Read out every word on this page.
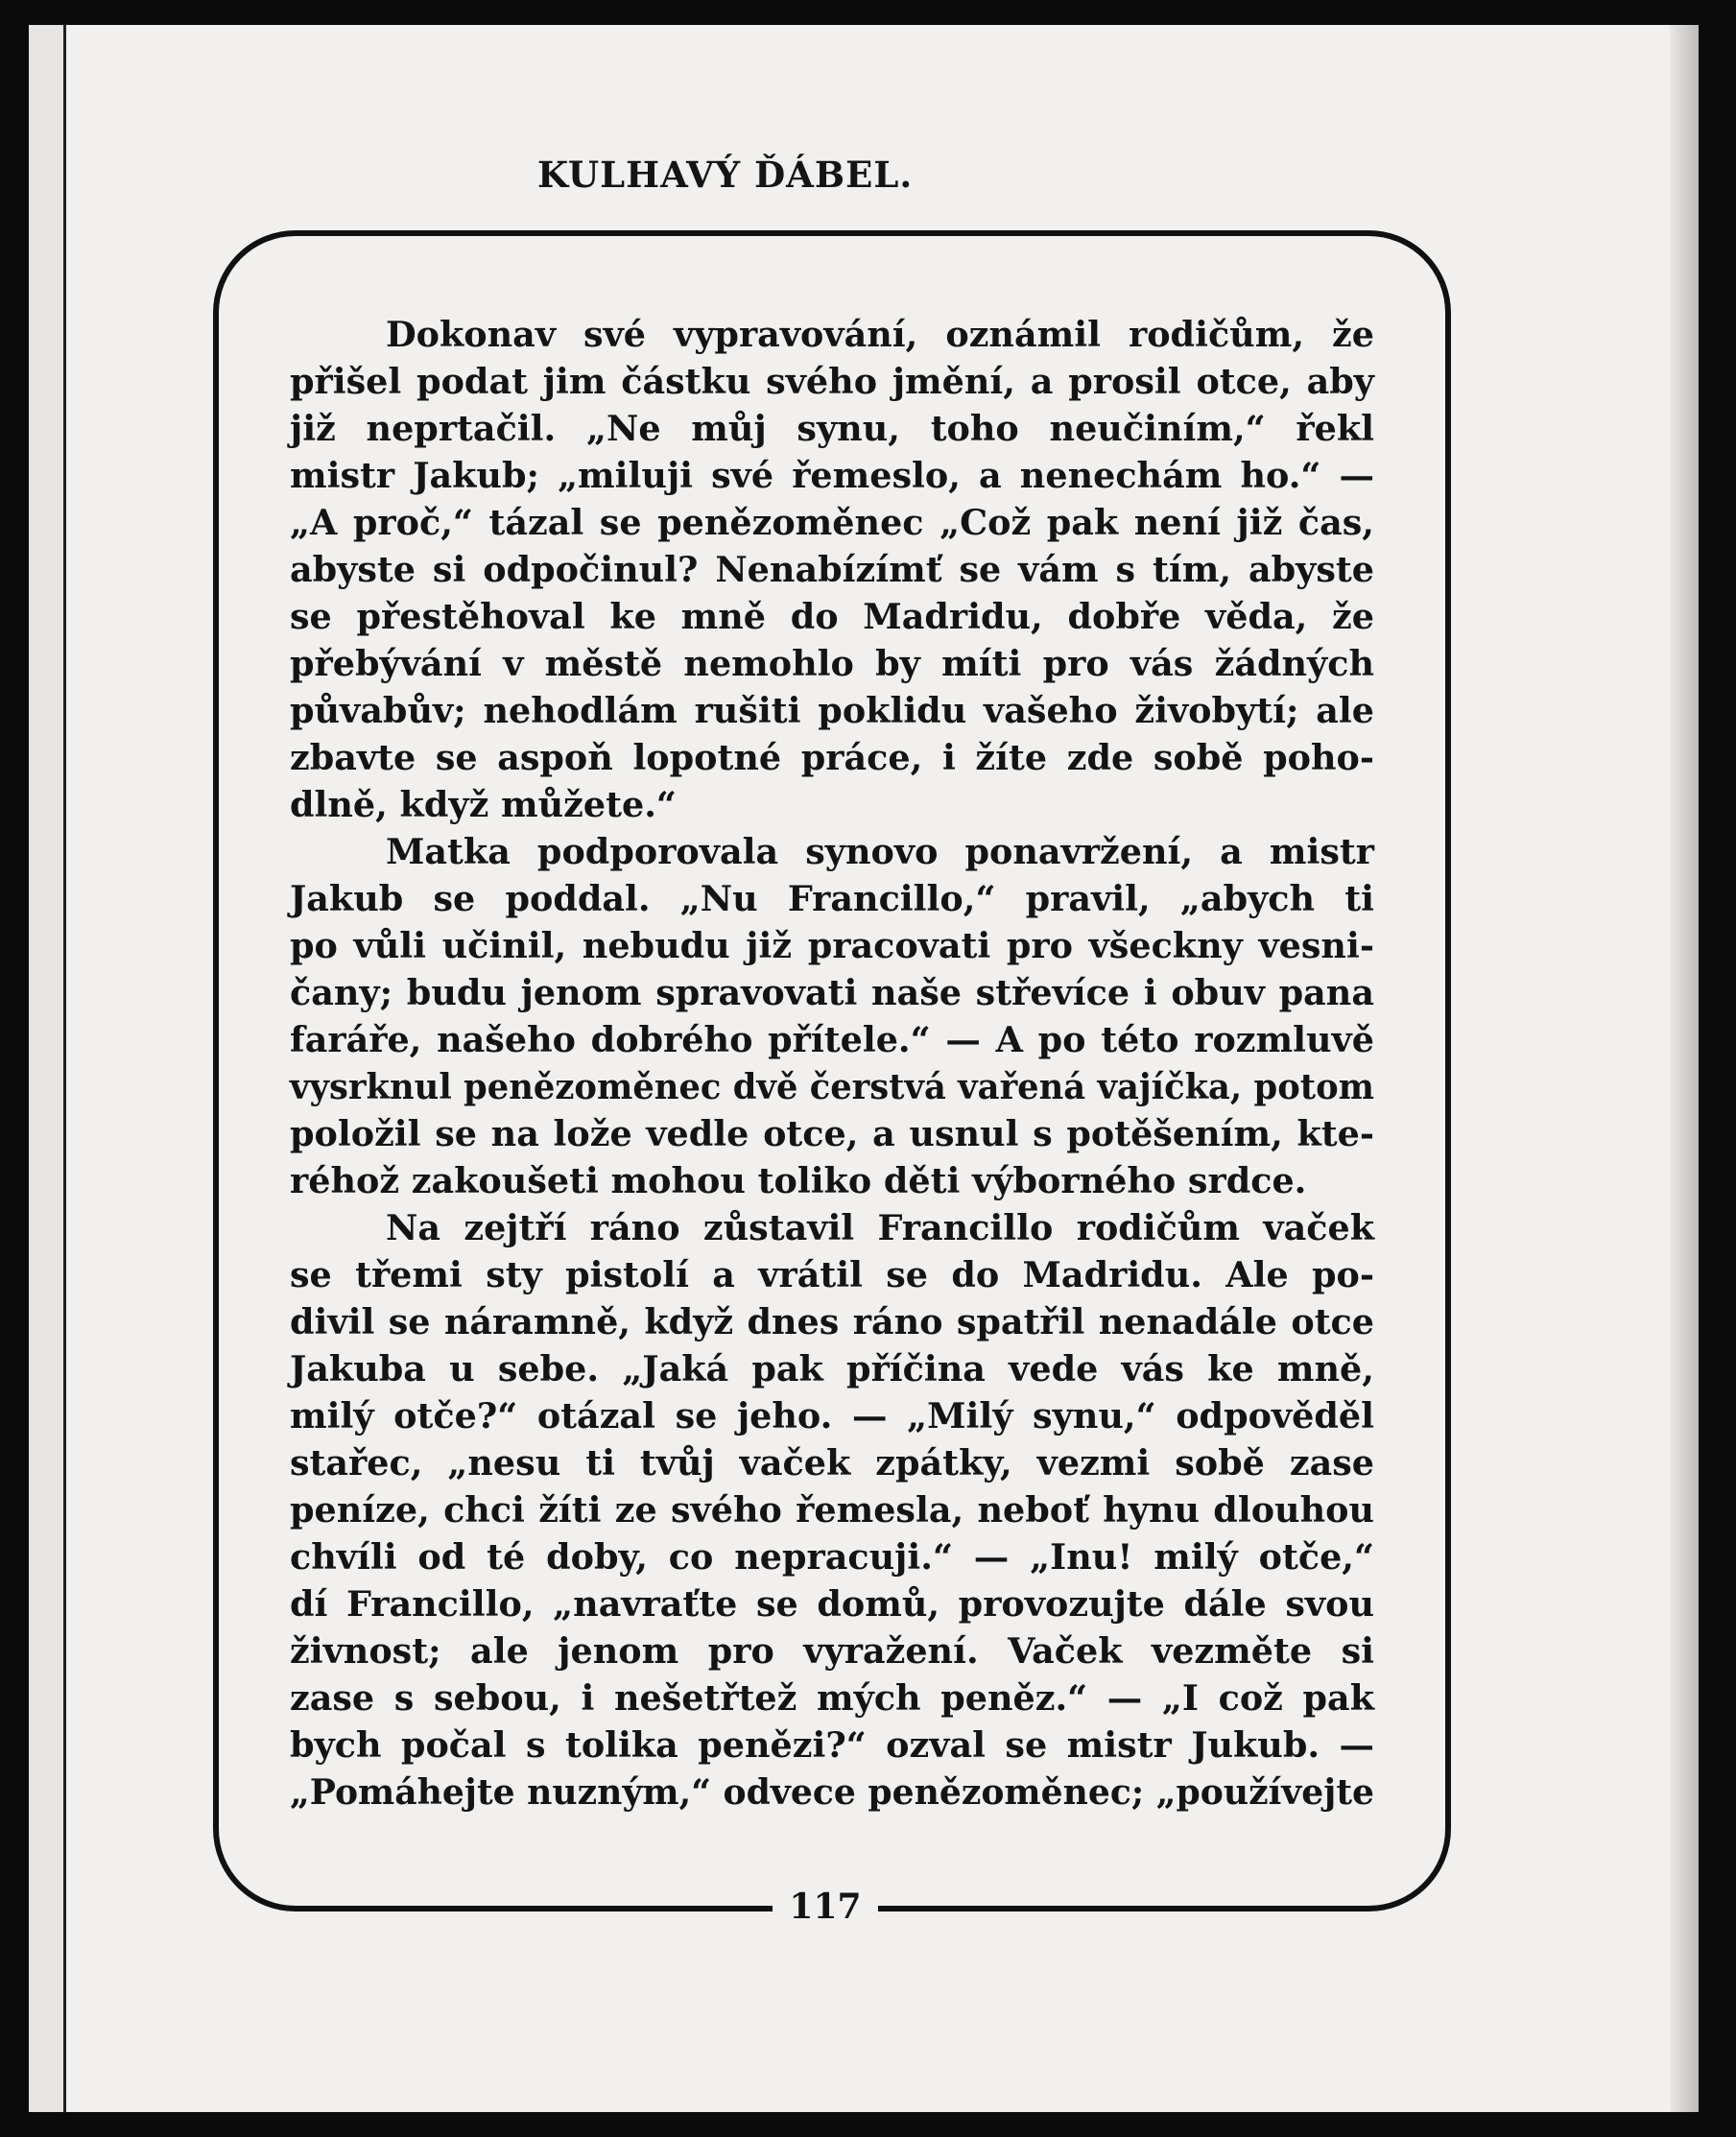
KULHAVÝ ĎÁBEL.
117
Dokonav své vypravování, oznámil rodičům, že
přišel podat jim částku svého jmění, a prosil otce, aby
již neprtačil. „Ne můj synu, toho neučiním,“ řekl
mistr Jakub; „miluji své řemeslo, a nenechám ho.“ —
„A proč,“ tázal se penězoměnec „Což pak není již čas,
abyste si odpočinul? Nenabízímť se vám s tím, abyste
se přestěhoval ke mně do Madridu, dobře věda, že
přebývání v městě nemohlo by míti pro vás žádných
půvabův; nehodlám rušiti poklidu vašeho živobytí; ale
zbavte se aspoň lopotné práce, i žíte zde sobě poho-
dlně, když můžete.“
Matka podporovala synovo ponavržení, a mistr
Jakub se poddal. „Nu Francillo,“ pravil, „abych ti
po vůli učinil, nebudu již pracovati pro všeckny vesni-
čany; budu jenom spravovati naše střevíce i obuv pana
faráře, našeho dobrého přítele.“ — A po této rozmluvě
vysrknul penězoměnec dvě čerstvá vařená vajíčka, potom
položil se na lože vedle otce, a usnul s potěšením, kte-
réhož zakoušeti mohou toliko děti výborného srdce.
Na zejtří ráno zůstavil Francillo rodičům vaček
se třemi sty pistolí a vrátil se do Madridu. Ale po-
divil se náramně, když dnes ráno spatřil nenadále otce
Jakuba u sebe. „Jaká pak příčina vede vás ke mně,
milý otče?“ otázal se jeho. — „Milý synu,“ odpověděl
stařec, „nesu ti tvůj vaček zpátky, vezmi sobě zase
peníze, chci žíti ze svého řemesla, neboť hynu dlouhou
chvíli od té doby, co nepracuji.“ — „Inu! milý otče,“
dí Francillo, „navraťte se domů, provozujte dále svou
živnost; ale jenom pro vyražení. Vaček vezměte si
zase s sebou, i nešetřtež mých peněz.“ — „I což pak
bych počal s tolika penězi?“ ozval se mistr Jukub. —
„Pomáhejte nuzným,“ odvece penězoměnec; „používejte
